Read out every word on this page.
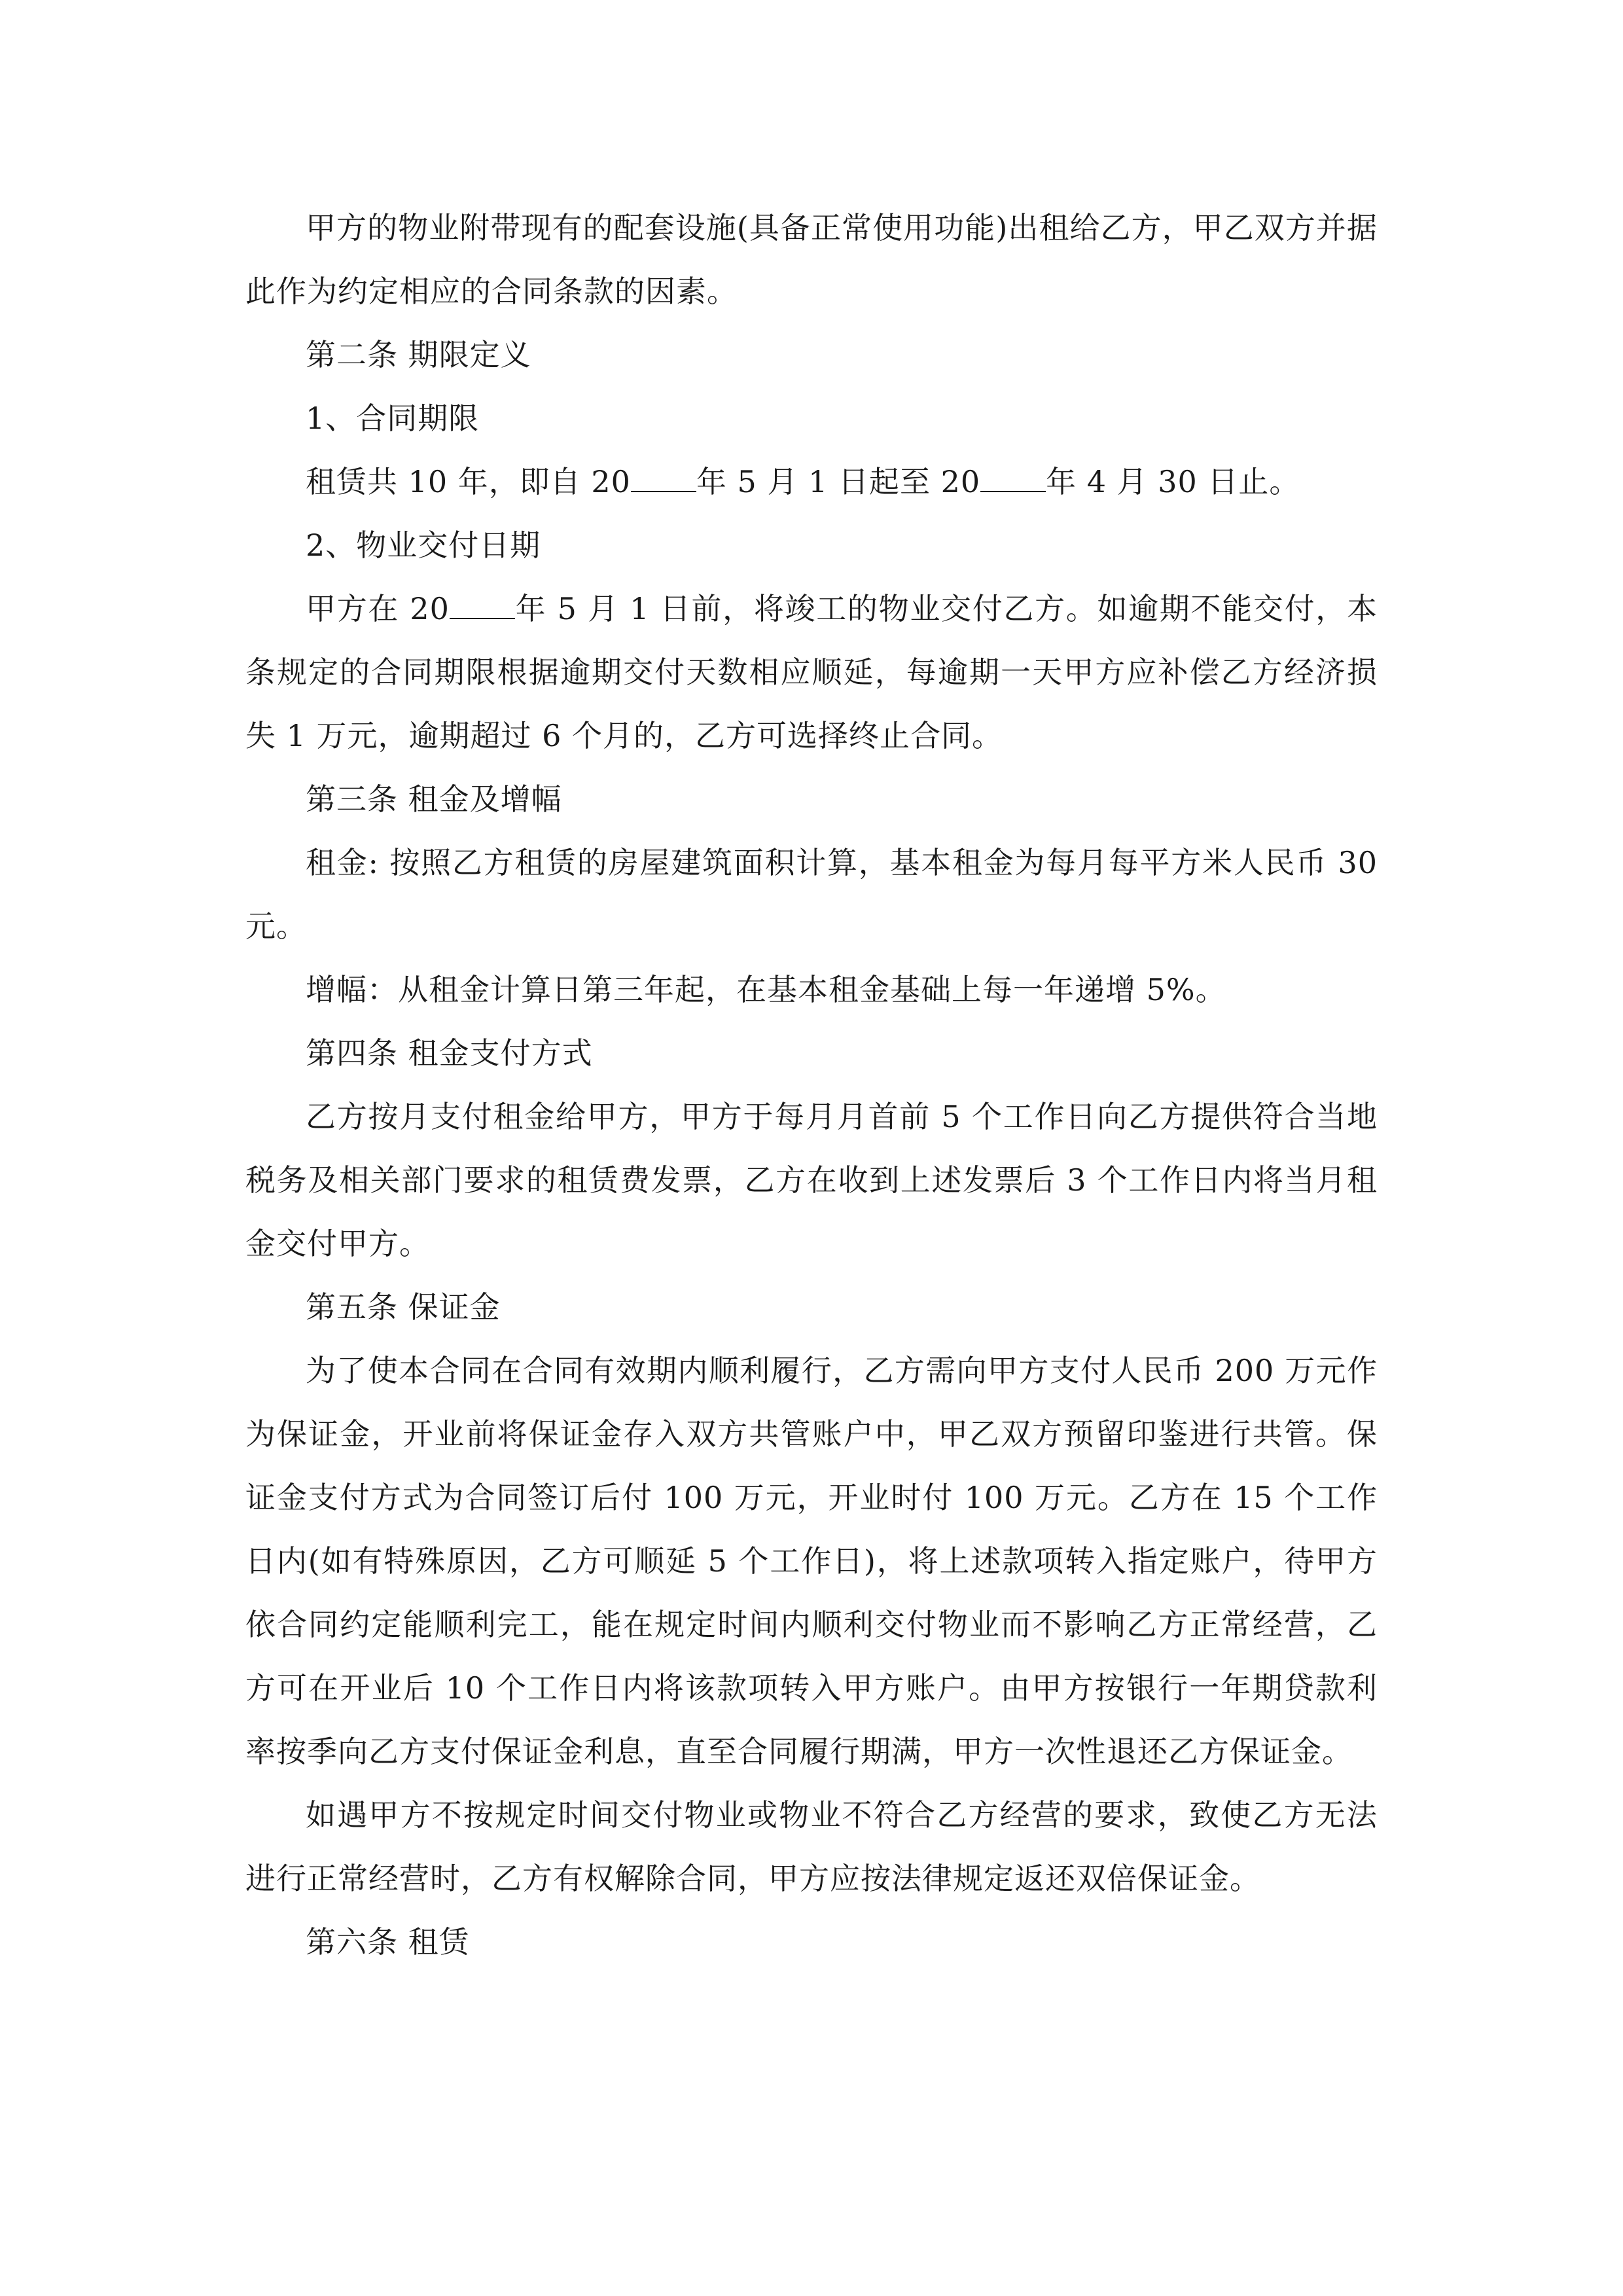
甲方的物业附带现有的配套设施(具备正常使用功能)出租给乙方，甲乙双方并据此作为约定相应的合同条款的因素。

第二条 期限定义

1、合同期限

租赁共 10 年，即自 20 年 5 月 1 日起至 20 年 4 月 30 日止。

2、物业交付日期

甲方在 20 年 5 月 1 日前，将竣工的物业交付乙方。如逾期不能交付，本条规定的合同期限根据逾期交付天数相应顺延，每逾期一天甲方应补偿乙方经济损失 1 万元，逾期超过 6 个月的，乙方可选择终止合同。

第三条 租金及增幅

租金: 按照乙方租赁的房屋建筑面积计算，基本租金为每月每平方米人民币 30 元。

增幅：从租金计算日第三年起，在基本租金基础上每一年递增 5%。

第四条 租金支付方式

乙方按月支付租金给甲方，甲方于每月月首前 5 个工作日向乙方提供符合当地税务及相关部门要求的租赁费发票，乙方在收到上述发票后 3 个工作日内将当月租金交付甲方。

第五条 保证金

为了使本合同在合同有效期内顺利履行，乙方需向甲方支付人民币 200 万元作为保证金，开业前将保证金存入双方共管账户中，甲乙双方预留印鉴进行共管。保证金支付方式为合同签订后付 100 万元，开业时付 100 万元。乙方在 15 个工作日内(如有特殊原因，乙方可顺延 5 个工作日)，将上述款项转入指定账户，待甲方依合同约定能顺利完工，能在规定时间内顺利交付物业而不影响乙方正常经营，乙方可在开业后 10 个工作日内将该款项转入甲方账户。由甲方按银行一年期贷款利率按季向乙方支付保证金利息，直至合同履行期满，甲方一次性退还乙方保证金。

如遇甲方不按规定时间交付物业或物业不符合乙方经营的要求，致使乙方无法进行正常经营时，乙方有权解除合同，甲方应按法律规定返还双倍保证金。

第六条 租赁
